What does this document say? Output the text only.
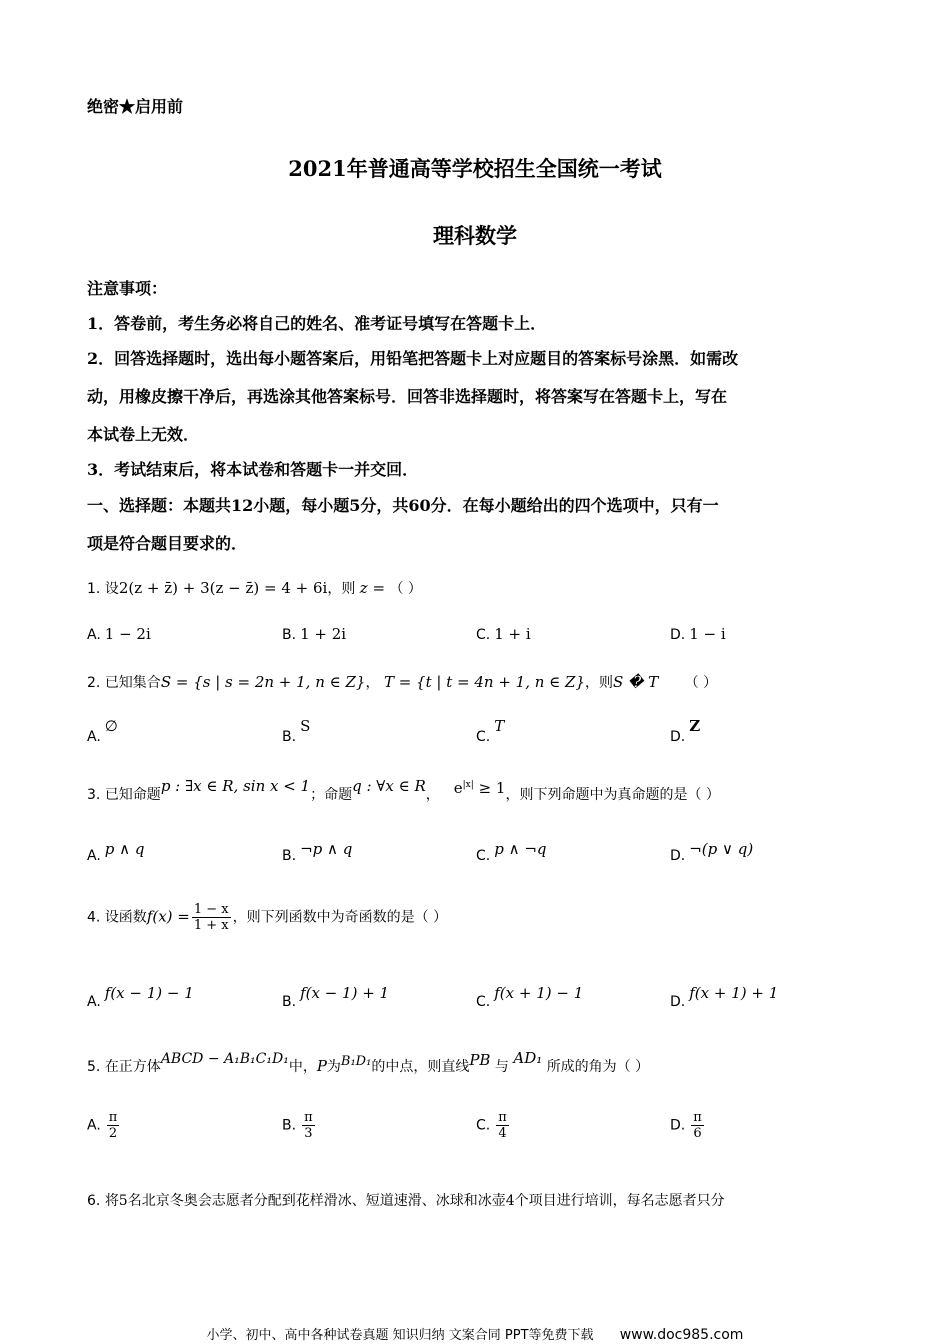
绝密★启用前
2021年普通高等学校招生全国统一考试
理科数学
注意事项：
1．答卷前，考生务必将自己的姓名、准考证号填写在答题卡上．
2．回答选择题时，选出每小题答案后，用铅笔把答题卡上对应题目的答案标号涂黑．如需改
动，用橡皮擦干净后，再选涂其他答案标号．回答非选择题时，将答案写在答题卡上，写在
本试卷上无效．
3．考试结束后，将本试卷和答题卡一并交回．
一、选择题：本题共12小题，每小题5分，共60分．在每小题给出的四个选项中，只有一
项是符合题目要求的．
1. 设2(z + z̄) + 3(z − z̄) = 4 + 6i，则 z = （ ）
A. 1 − 2i	B. 1 + 2i	C. 1 + i	D. 1 − i
2. 已知集合S = {s | s = 2n + 1, n ∈ Z}， T = {t | t = 4n + 1, n ∈ Z}，则S � T （ ）
A.∅
B.S
C.T
D.Z
3. 已知命题p : ∃x ∈ R, sin x < 1；命题q : ∀x ∈ R， $e^{|x|} \ge 1$，则下列命题中为真命题的是（ ）
A. p ∧ q	B. ¬p ∧ q	C. p ∧ ¬q	D. ¬(p ∨ q)
4. 设函数$f(x) = \frac{1 - x}{1 + x}$ ，则下列函数中为奇函数的是（ ）
A. f(x − 1) − 1	B. f(x − 1) + 1	C. f(x + 1) − 1	D. f(x + 1) + 1
5. 在正方体ABCD − A₁B₁C₁D₁中，P为B₁D₁的中点，则直线PB 与 AD₁ 所成的角为（ ）
A. $\frac{\pi}{2}$	B. $\frac{\pi}{3}$	C. $\frac{\pi}{4}$	D. $\frac{\pi}{6}$
6. 将5名北京冬奥会志愿者分配到花样滑冰、短道速滑、冰球和冰壶4个项目进行培训，每名志愿者只分
小学、初中、高中各种试卷真题 知识归纳 文案合同 PPT等免费下载 www.doc985.com
